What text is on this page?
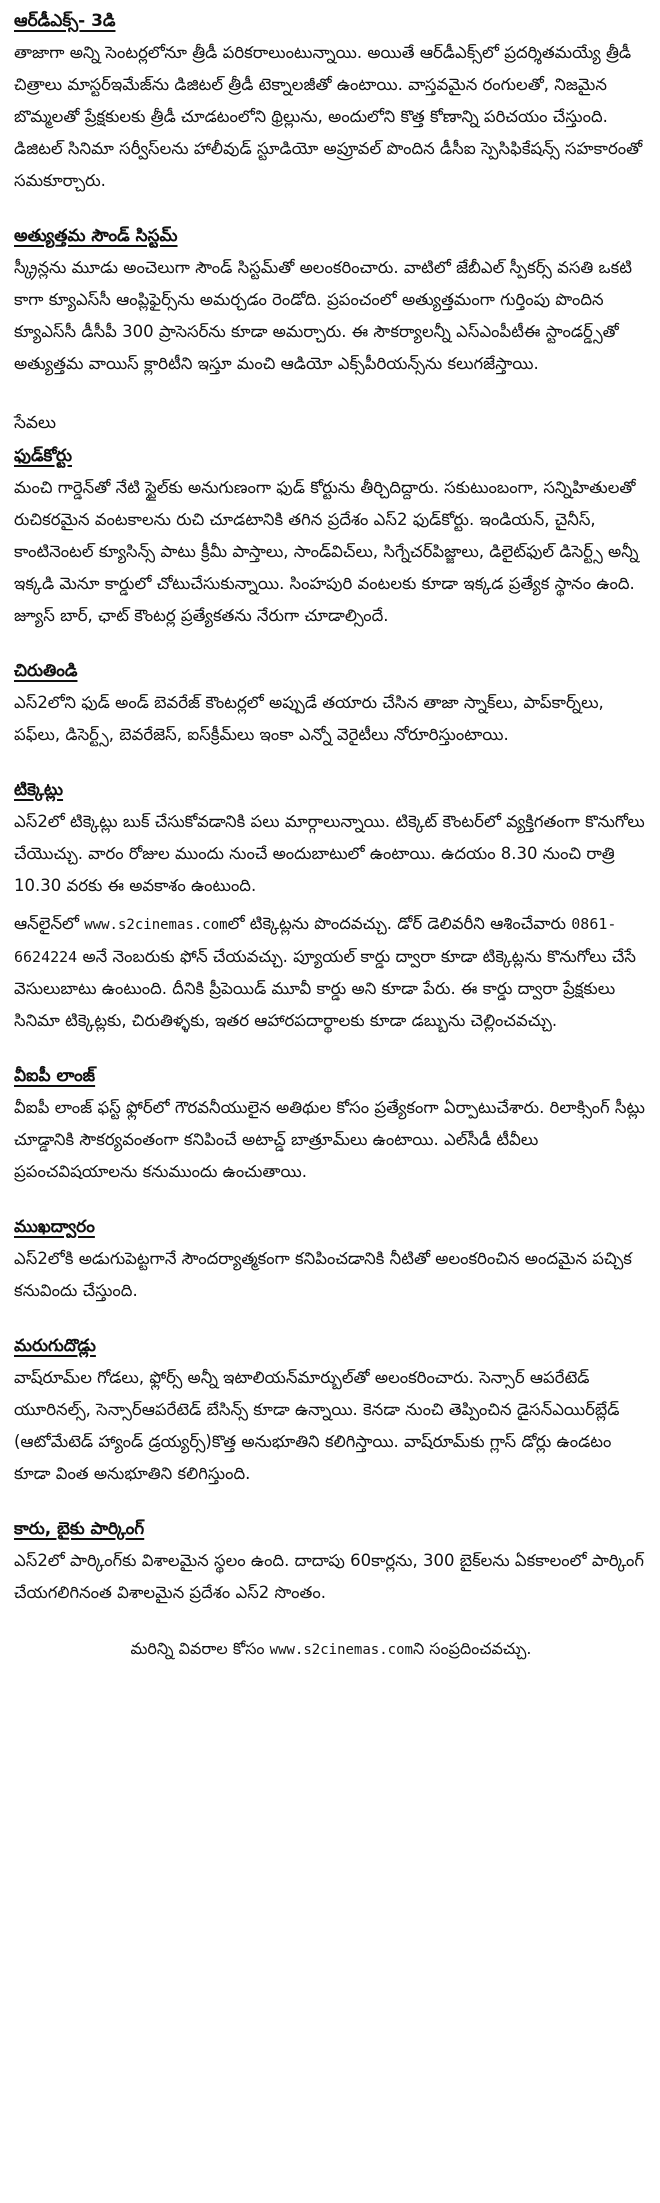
ఆర్‌డీఎక్స్‌- 3డి

తాజాగా అన్ని సెంటర్లలోనూ త్రీడీ పరికరాలుంటున్నాయి. అయితే ఆర్‌డీఎక్స్‌లో ప్రదర్శితమయ్యే త్రీడీ చిత్రాలు మాస్టర్‌ఇమేజ్‌ను డిజిటల్‌ త్రీడీ టెక్నాలజీతో ఉంటాయి. వాస్తవమైన రంగులతో, నిజమైన బొమ్మలతో ప్రేక్షకులకు త్రీడీ చూడటంలోని థ్రిల్లును, అందులోని కొత్త కోణాన్ని పరిచయం చేస్తుంది. డిజిటల్‌ సినిమా సర్వీస్‌లను హాలీవుడ్‌ స్టూడియో అప్రూవల్‌ పొందిన డీసీఐ స్పెసిఫికేషన్స్‌ సహకారంతో సమకూర్చారు.

అత్యుత్తమ సౌండ్‌ సిస్టమ్‌

స్క్రీన్లను మూడు అంచెలుగా సౌండ్‌ సిస్టమ్‌తో అలంకరించారు. వాటిలో జేబీఎల్‌ స్పీకర్స్‌ వసతి ఒకటి కాగా క్యూఎస్‌సీ ఆంప్లిఫైర్స్‌ను అమర్చడం రెండోది. ప్రపంచంలో అత్యుత్తమంగా గుర్తింపు పొందిన క్యూఎస్‌సీ డీసీపీ 300 ప్రాసెసర్‌ను కూడా అమర్చారు. ఈ సౌకర్యాలన్నీ ఎస్‌ఎంపీటీఈ స్టాండర్డ్స్‌తో అత్యుత్తమ వాయిస్‌ క్లారిటీని ఇస్తూ మంచి ఆడియో ఎక్స్‌పీరియన్స్‌ను కలుగజేస్తాయి.

సేవలు
ఫుడ్‌కోర్టు

మంచి గార్డెన్‌తో నేటి స్టైల్‌కు అనుగుణంగా ఫుడ్‌ కోర్టును తీర్చిదిద్దారు. సకుటుంబంగా, సన్నిహితులతో రుచికరమైన వంటకాలను రుచి చూడటానికి తగిన ప్రదేశం ఎస్‌2 ఫుడ్‌కోర్టు. ఇండియన్‌, చైనీస్‌, కాంటినెంటల్‌ క్యూసిన్స్‌ పాటు క్రీమీ పాస్తాలు, సాండ్‌విచ్‌లు, సిగ్నేచర్‌పిజ్జాలు, డిలైట్‌ఫుల్‌ డిసెర్ట్స్‌ అన్నీ ఇక్కడి మెనూ కార్డులో చోటుచేసుకున్నాయి. సింహపురి వంటలకు కూడా ఇక్కడ ప్రత్యేక స్థానం ఉంది. జ్యూస్‌ బార్‌, ఛాట్‌ కౌంటర్ల ప్రత్యేకతను నేరుగా చూడాల్సిందే.

చిరుతిండి

ఎస్‌2లోని ఫుడ్‌ అండ్‌ బెవరేజ్‌ కౌంటర్లలో అప్పుడే తయారు చేసిన తాజా స్నాక్‌లు, పాప్‌కార్న్‌లు, పఫ్‌లు, డిసెర్ట్స్‌, బెవరేజెస్‌, ఐస్‌క్రీమ్‌లు ఇంకా ఎన్నో వెరైటీలు నోరూరిస్తుంటాయి.

టిక్కెట్లు

ఎస్‌2లో టిక్కెట్లు బుక్‌ చేసుకోవడానికి పలు మార్గాలున్నాయి. టిక్కెట్‌ కౌంటర్‌లో వ్యక్తిగతంగా కొనుగోలు చేయొచ్చు. వారం రోజుల ముందు నుంచే అందుబాటులో ఉంటాయి. ఉదయం 8.30 నుంచి రాత్రి 10.30 వరకు ఈ అవకాశం ఉంటుంది.

ఆన్‌లైన్‌లో www.s2cinemas.comలో టిక్కెట్లను పొందవచ్చు. డోర్‌ డెలివరీని ఆశించేవారు 0861-6624224 అనే నెంబరుకు ఫోన్‌ చేయవచ్చు. ప్యూయల్‌ కార్డు ద్వారా కూడా టిక్కెట్లను కొనుగోలు చేసే వెసులుబాటు ఉంటుంది. దీనికి ప్రీపెయిడ్‌ మూవీ కార్డు అని కూడా పేరు. ఈ కార్డు ద్వారా ప్రేక్షకులు సినిమా టిక్కెట్లకు, చిరుతిళ్ళకు, ఇతర ఆహారపదార్థాలకు కూడా డబ్బును చెల్లించవచ్చు.

వీఐపీ లాంజ్‌

వీఐపీ లాంజ్‌ ఫస్ట్‌ ఫ్లోర్‌లో గౌరవనీయులైన అతిథుల కోసం ప్రత్యేకంగా ఏర్పాటుచేశారు. రిలాక్సింగ్‌ సీట్లు చూడ్డానికి సౌకర్యవంతంగా కనిపించే అటాచ్డ్‌ బాత్రూమ్‌లు ఉంటాయి. ఎల్‌సీడీ టీవీలు ప్రపంచవిషయాలను కనుముందు ఉంచుతాయి.

ముఖద్వారం

ఎస్‌2లోకి అడుగుపెట్టగానే సౌందర్యాత్మకంగా కనిపించడానికి నీటితో అలంకరించిన అందమైన పచ్చిక కనువిందు చేస్తుంది.

మరుగుదొడ్లు

వాష్‌రూమ్‌ల గోడలు, ఫ్లోర్స్‌ అన్నీ ఇటాలియన్‌మార్బుల్‌తో అలంకరించారు. సెన్సార్‌ ఆపరేటెడ్‌ యూరినల్స్‌, సెన్సార్‌ఆపరేటెడ్‌ బేసిన్స్‌ కూడా ఉన్నాయి. కెనడా నుంచి తెప్పించిన డైసన్‌ఎయిర్‌బ్లేడ్‌ (ఆటోమేటెడ్‌ హ్యాండ్‌ డ్రయ్యర్స్‌)కొత్త అనుభూతిని కలిగిస్తాయి. వాష్‌రూమ్‌కు గ్లాస్‌ డోర్లు ఉండటం కూడా వింత అనుభూతిని కలిగిస్తుంది.

కారు, బైకు పార్కింగ్‌

ఎస్‌2లో పార్కింగ్‌కు విశాలమైన స్థలం ఉంది. దాదాపు 60కార్లను, 300 బైక్‌లను ఏకకాలంలో పార్కింగ్‌ చేయగలిగినంత విశాలమైన ప్రదేశం ఎస్‌2 సొంతం.

మరిన్ని వివరాల కోసం www.s2cinemas.comని సంప్రదించవచ్చు.
